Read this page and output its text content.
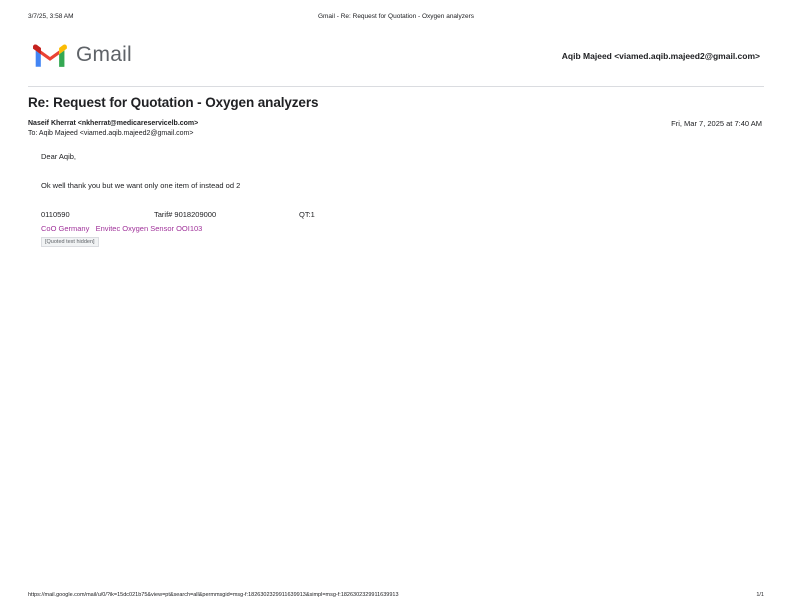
3/7/25, 3:58 AM	Gmail - Re: Request for Quotation - Oxygen analyzers
Gmail	Aqib Majeed <viamed.aqib.majeed2@gmail.com>
Re: Request for Quotation - Oxygen analyzers
Naseif Kherrat <nkherrat@medicareservicelb.com>
To: Aqib Majeed <viamed.aqib.majeed2@gmail.com>
Fri, Mar 7, 2025 at 7:40 AM

Dear Aqib,

Ok well thank you but we want only one item of instead od 2

0110590	Tarif# 9018209000	QT:1
CoO Germany Envitec Oxygen Sensor OOI103
[Quoted text hidden]
https://mail.google.com/mail/u/0/?ik=15dc021b75&view=pt&search=all&permmsgid=msg-f:1826302329911639913&simpl=msg-f:1826302329911639913	1/1
